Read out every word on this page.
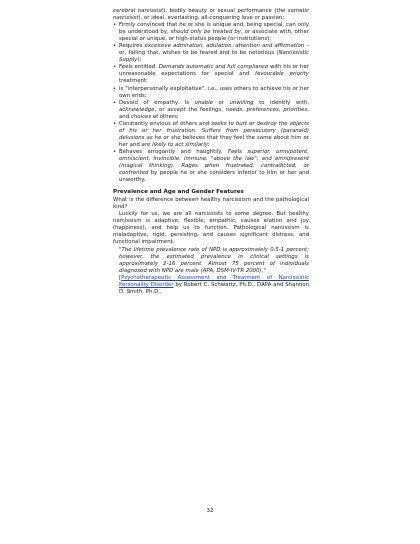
cerebral narcissist), bodily beauty or sexual performance (the somatic narcissist), or ideal, everlasting, all-conquering love or passion;

• Firmly convinced that he or she is unique and, being special, can only be understood by, should only be treated by, or associate with, other special or unique, or high-status people (or institutions);
• Requires excessive admiration, adulation, attention and affirmation – or, failing that, wishes to be feared and to be notorious (Narcissistic Supply);
• Feels entitled. Demands automatic and full compliance with his or her unreasonable expectations for special and favourable priority treatment;
• Is "interpersonally exploitative", i.e., uses others to achieve his or her own ends;
• Devoid of empathy. Is unable or unwilling to identify with, acknowledge, or accept the feelings, needs, preferences, priorities, and choices of others;
• Constantly envious of others and seeks to hurt or destroy the objects of his or her frustration. Suffers from persecutory (paranoid) delusions as he or she believes that they feel the same about him or her and are likely to act similarly;
• Behaves arrogantly and haughtily. Feels superior, omnipotent, omniscient, invincible, immune, "above the law", and omnipresent (magical thinking). Rages when frustrated, contradicted, or confronted by people he or she considers inferior to him or her and unworthy.
Prevalence and Age and Gender Features

What is the difference between healthy narcissism and the pathological kind?

Luckily for us, we are all narcissists to some degree. But healthy narcissism is adaptive, flexible, empathic, causes elation and joy (happiness), and help us to function. Pathological narcissism is maladaptive, rigid, persisting, and causes significant distress, and functional impairment.

"The lifetime prevalence rate of NPD is approximately 0.5-1 percent; however, the estimated prevalence in clinical settings is approximately 2-16 percent. Almost 75 percent of individuals diagnosed with NPD are male (APA, DSM-IV-TR 2000)."

[Psychotherapeutic Assessment and Treatment of Narcissistic Personality Disorder by Robert C. Schwartz, Ph.D., DAPA and Shannon D. Smith, Ph.D.,

32
